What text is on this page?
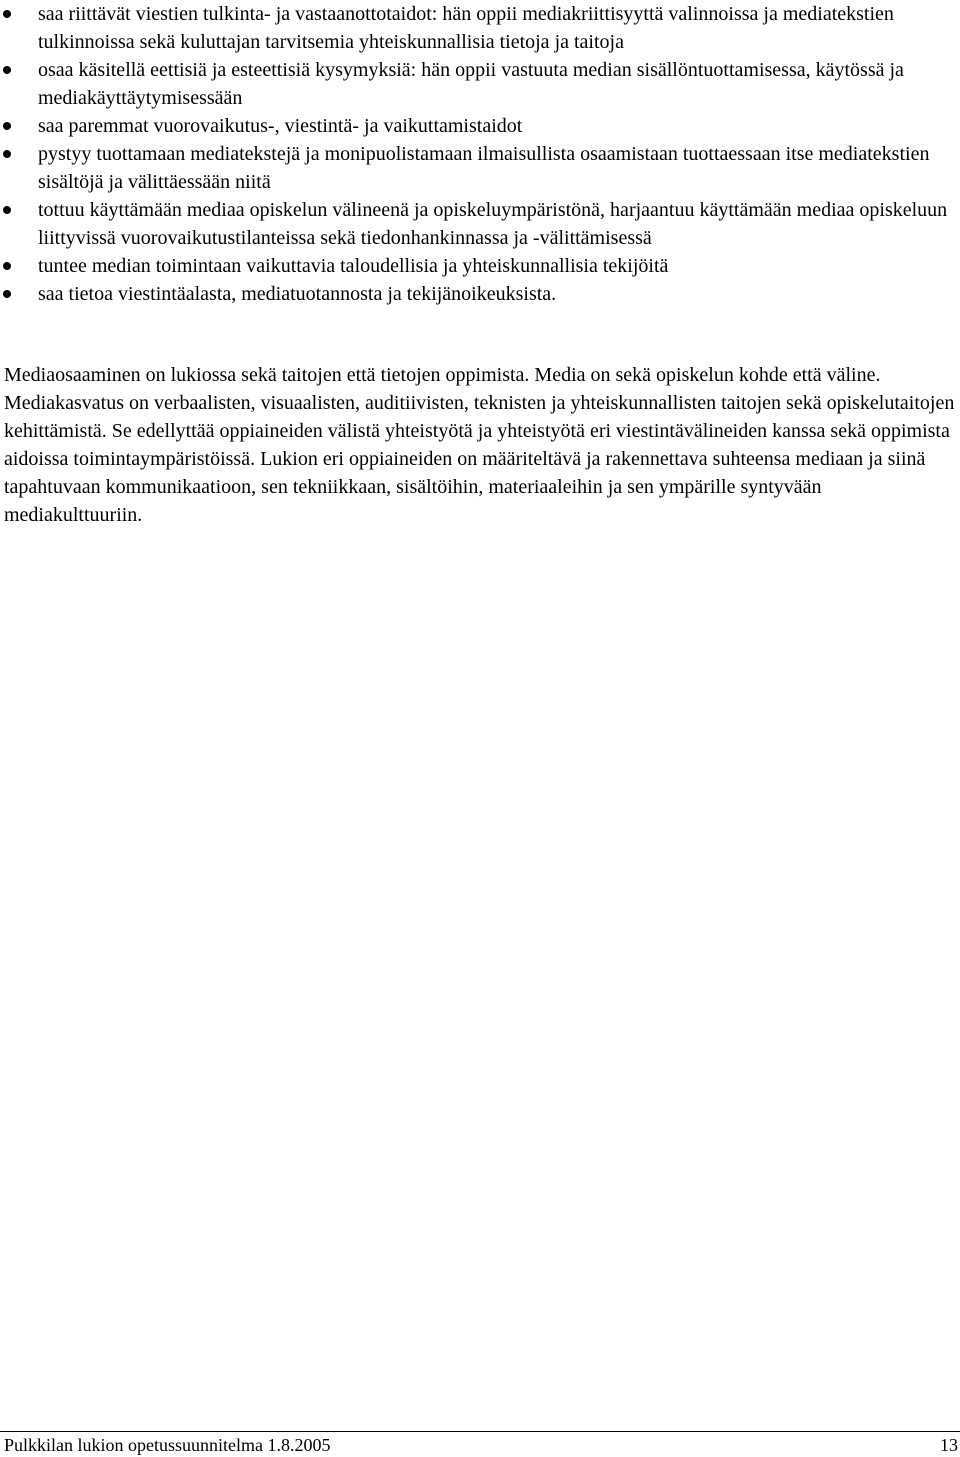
saa riittävät viestien tulkinta- ja vastaanottotaidot: hän oppii mediakriittisyyttä valinnoissa ja mediatekstien tulkinnoissa sekä kuluttajan tarvitsemia yhteiskunnallisia tietoja ja taitoja
osaa käsitellä eettisiä ja esteettisiä kysymyksiä: hän oppii vastuuta median sisällöntuottamisessa, käytössä ja mediakäyttäytymisessään
saa paremmat vuorovaikutus-, viestintä- ja vaikuttamistaidot
pystyy tuottamaan mediatekstejä ja monipuolistamaan ilmaisullista osaamistaan tuottaessaan itse mediatekstien sisältöjä ja välittäessään niitä
tottuu käyttämään mediaa opiskelun välineenä ja opiskeluympäristönä, harjaantuu käyttämään mediaa opiskeluun liittyvissä vuorovaikutustilanteissa sekä tiedonhankinnassa ja -välittämisessä
tuntee median toimintaan vaikuttavia taloudellisia ja yhteiskunnallisia tekijöitä
saa tietoa viestintäalasta, mediatuotannosta ja tekijänoikeuksista.

Mediaosaaminen on lukiossa sekä taitojen että tietojen oppimista. Media on sekä opiskelun kohde että väline. Mediakasvatus on verbaalisten, visuaalisten, auditiivisten, teknisten ja yhteiskunnallisten taitojen sekä opiskelutaitojen kehittämistä. Se edellyttää oppiaineiden välistä yhteistyötä ja yhteistyötä eri viestintävälineiden kanssa sekä oppimista aidoissa toimintaympäristöissä. Lukion eri oppiaineiden on määriteltävä ja rakennettava suhteensa mediaan ja siinä tapahtuvaan kommunikaatioon, sen tekniikkaan, sisältöihin, materiaaleihin ja sen ympärille syntyvään mediakulttuuriin.

Pulkkilan lukion opetussuunnitelma 1.8.2005	13
